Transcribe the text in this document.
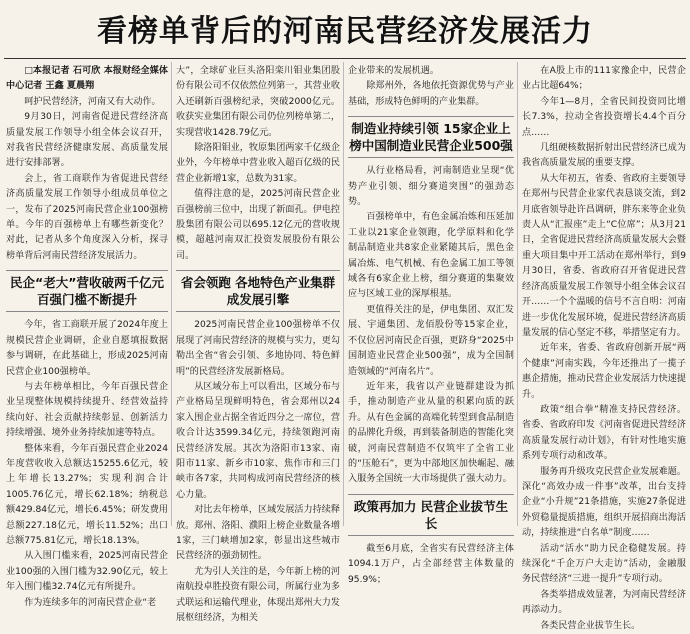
看榜单背后的河南民营经济发展活力

□本报记者 石可欣 本报财经全媒体中心记者 王鑫 夏晨翔

呵护民营经济，河南又有大动作。

9月30日，河南省促进民营经济高质量发展工作领导小组全体会议召开，对我省民营经济健康发展、高质量发展进行安排部署。

会上，省工商联作为省促进民营经济高质量发展工作领导小组成员单位之一，发布了2025河南民营企业100强榜单。今年的百强榜单上有哪些新变化？对此，记者从多个角度深入分析，探寻榜单背后河南民营经济发展活力。

民企“老大”营收破两千亿元 百强门槛不断提升

今年，省工商联开展了2024年度上规模民营企业调研，企业自愿填报数据参与调研，在此基础上，形成2025河南民营企业100强榜单。

与去年榜单相比，今年百强民营企业呈现整体规模持续提升、经营效益持续向好、社会贡献持续彰显、创新活力持续增强、境外业务持续加速等特点。

整体来看，今年百强民营企业2024年度营收收入总额达15255.6亿元，较上年增长13.27%；实现利润合计1005.76亿元，增长62.18%；纳税总额429.84亿元，增长6.45%；研发费用总额227.18亿元，增长11.52%；出口总额775.81亿元，增长18.13%。

从入围门槛来看，2025河南民营企业100强的入围门槛为32.90亿元，较上年入围门槛32.74亿元有所提升。

作为连续多年的河南民营企业“老

大”，全球矿业巨头洛阳栾川钼业集团股份有限公司不仅依然位列第一，其营业收入还刷新百强榜纪录，突破2000亿元。收获实业集团有限公司仍位列榜单第二，实现营收1428.79亿元。

除洛阳钼业，牧原集团两家千亿级企业外，今年榜单中营业收入超百亿级的民营企业新增1家，总数为31家。

值得注意的是，2025河南民营企业百强榜前三位中，出现了新面孔。伊电控股集团有限公司以695.12亿元的营收规模，超越河南双汇投资发展股份有限公司。

省会领跑 各地特色产业集群成发展引擎

2025河南民营企业100强榜单不仅展现了河南民营经济的规模与实力，更勾勒出全省“省会引领、多地协同、特色鲜明”的民营经济发展新格局。

从区域分布上可以看出，区域分布与产业格局呈现鲜明特色，省会郑州以24家入围企业占据全省近四分之一席位，营收合计达3599.34亿元，持续领跑河南民营经济发展。其次为洛阳市13家、南阳市11家、新乡市10家、焦作市和三门峡市各7家，共同构成河南民营经济的核心力量。

对比去年榜单，区域发展活力持续释放。郑州、洛阳、濮阳上榜企业数量各增1家，三门峡增加2家，彰显出这些城市民营经济的强劲韧性。

尤为引人关注的是，今年新上榜的河南航投卓胜投资有限公司，所属行业为多式联运和运输代理业，体现出郑州大力发展枢纽经济，为相关

企业带来的发展机遇。

除郑州外，各地依托资源优势与产业基础，形成特色鲜明的产业集群。

制造业持续引领 15家企业上榜中国制造业民营企业500强

从行业格局看，河南制造业呈现“优势产业引领、细分赛道突围”的强劲态势。

百强榜单中，有色金属冶炼和压延加工业以21家企业领跑，化学原料和化学制品制造业共8家企业紧随其后，黑色金属冶炼、电气机械、有色金属工加工等领域各有6家企业上榜，细分赛道的集聚效应与区域工业的深厚根基。

更值得关注的是，伊电集团、双汇发展、宇通集团、龙佰股份等15家企业，不仅位居河南民企百强，更跻身“2025中国制造业民营企业500强”，成为全国制造领域的“河南名片”。

近年来，我省以产业链群建设为抓手，推动制造产业从量的积累向质的跃升。从有色金属的高端化转型到食品制造的品牌化升级，再到装备制造的智能化突破，河南民营制造不仅筑牢了全省工业的“压舱石”，更为中部地区加快崛起、融入服务全国统一大市场提供了强大动力。

政策再加力 民营企业拔节生长

截至6月底，全省实有民营经济主体1094.1万户，占全部经营主体数量的95.9%；

在A股上市的111家豫企中，民营企业占比超64%；

今年1—8月，全省民间投资同比增长7.3%，拉动全省投资增长4.4个百分点……

几组硬核数据折射出民营经济已成为我省高质量发展的重要支撑。

从大年初五，省委、省政府主要领导在郑州与民营企业家代表恳谈交流，到2月底省领导赴许昌调研，胖东来等企业负责人从“汇报座”走上“C位席”；从3月21日，全省促进民营经济高质量发展大会暨重大项目集中开工活动在郑州举行，到9月30日，省委、省政府召开省促进民营经济高质量发展工作领导小组全体会议召开……一个个温暖的信号不言自明：河南进一步优化发展环境，促进民营经济高质量发展的信心坚定不移，举措坚定有力。

近年来，省委、省政府创新开展“两个健康”河南实践，今年还推出了一揽子惠企措施，推动民营企业发展活力快速提升。

政策“组合拳”精准支持民营经济。省委、省政府印发《河南省促进民营经济高质量发展行动计划》，有针对性地实施系列专项行动和改革。

服务再升级攻克民营企业发展难题。深化“高效办成一件事”改革，出台支持企业“小升规”21条措施，实施27条促进外贸稳量提质措施，组织开展招商出海活动，持续推进“白名单”制度……

活动“活水”助力民企稳健发展。持续深化“千企万户大走访”活动，金融服务民营经济“三进一提升”专项行动。

各类举措成效显著，为河南民营经济再添动力。

各类民营企业拔节生长。
